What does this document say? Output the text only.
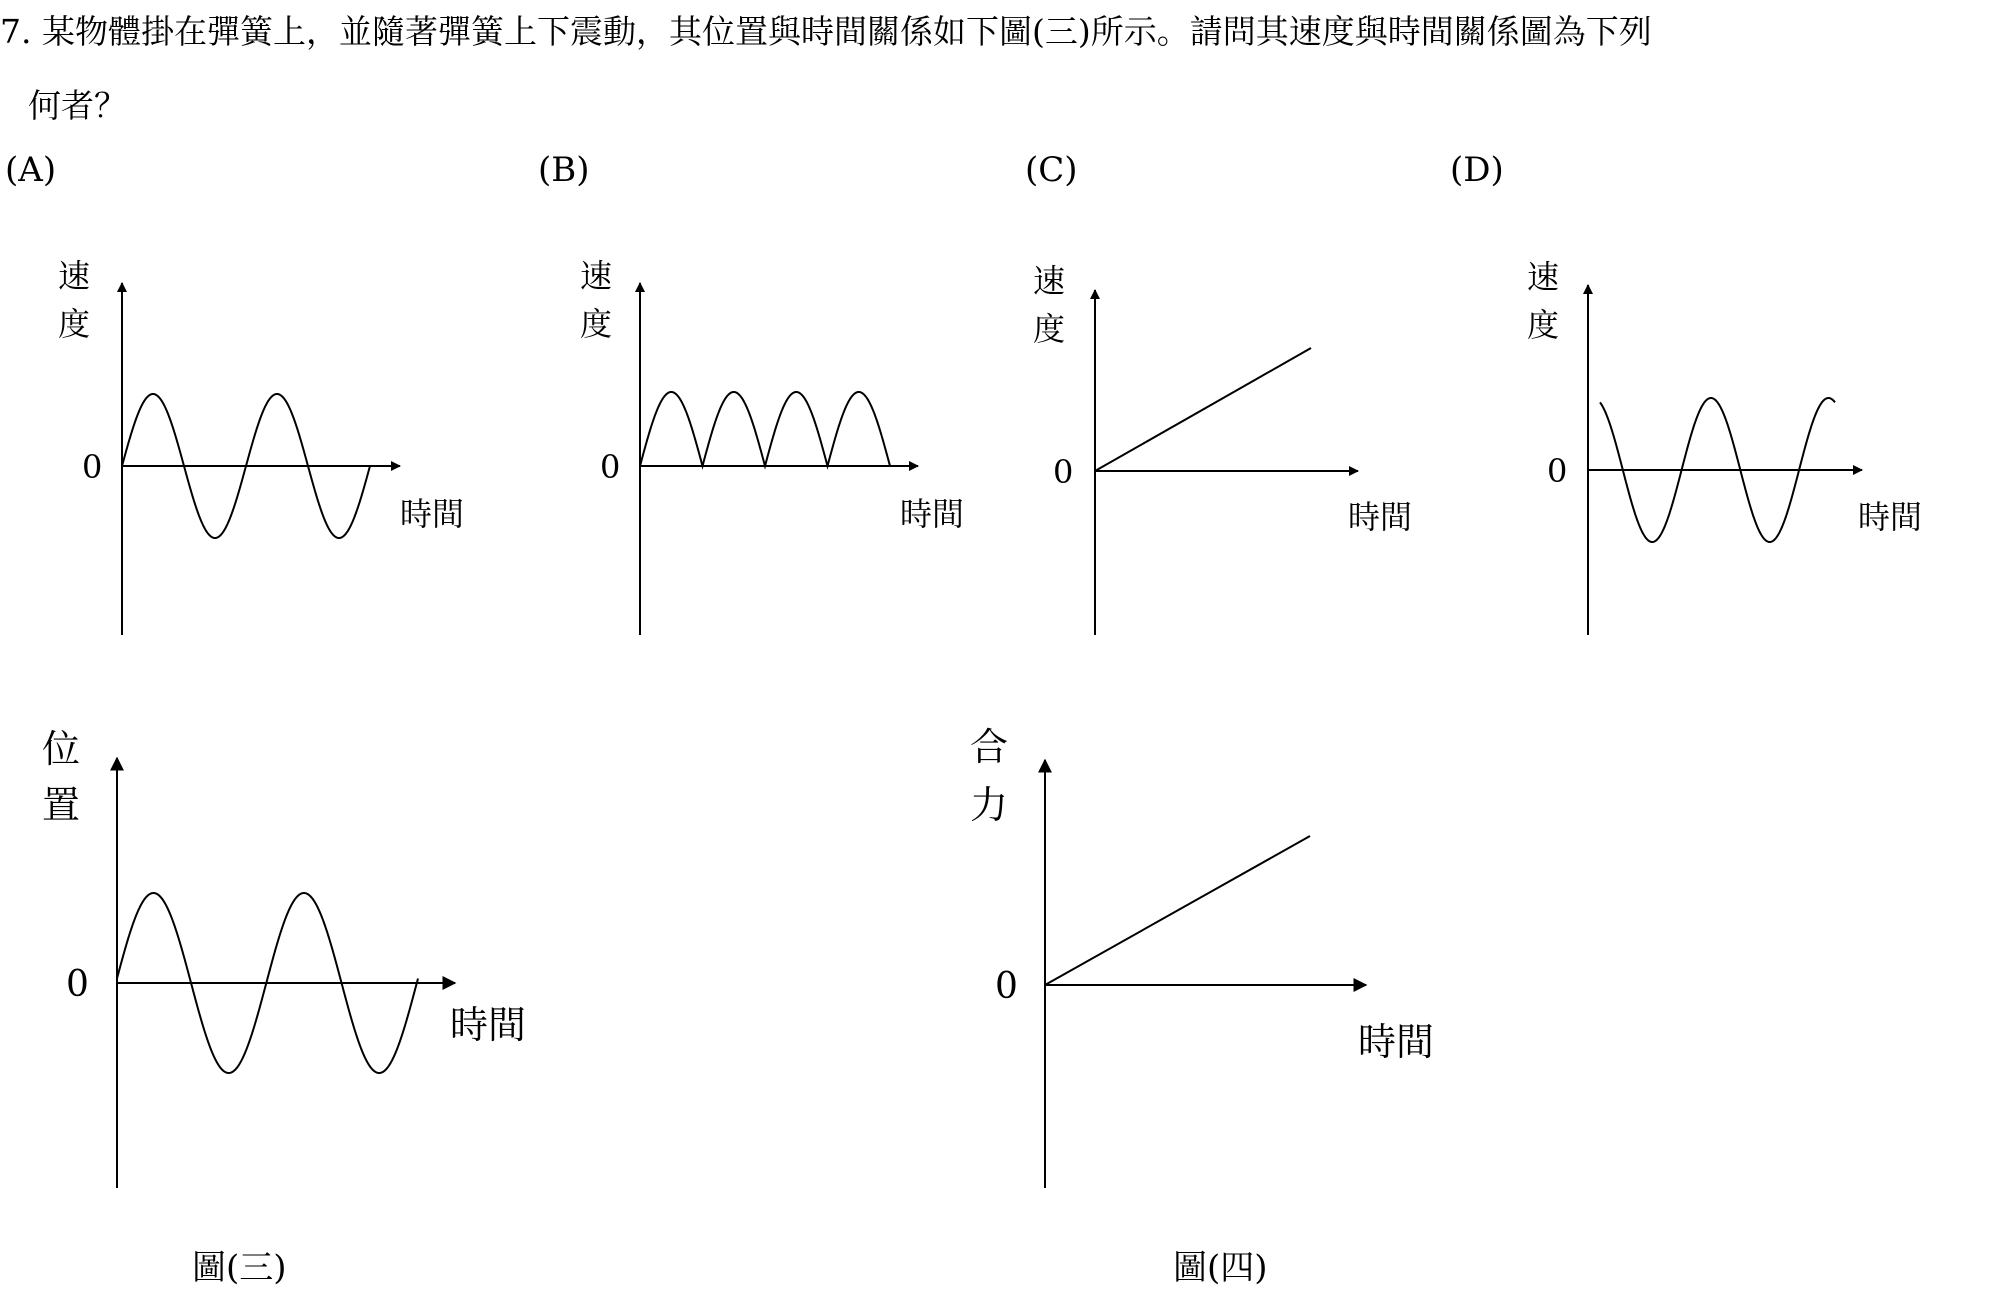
7. 某物體掛在彈簧上，並隨著彈簧上下震動，其位置與時間關係如下圖(三)所示。請問其速度與時間關係圖為下列
何者？
(A)	(B)	(C)	(D)
圖(三)	圖(四)
速
度
0
時間
速
度
0
時間
速
度
0
時間
速
度
0
時間
位
置
0
時間
合
力
0
時間
